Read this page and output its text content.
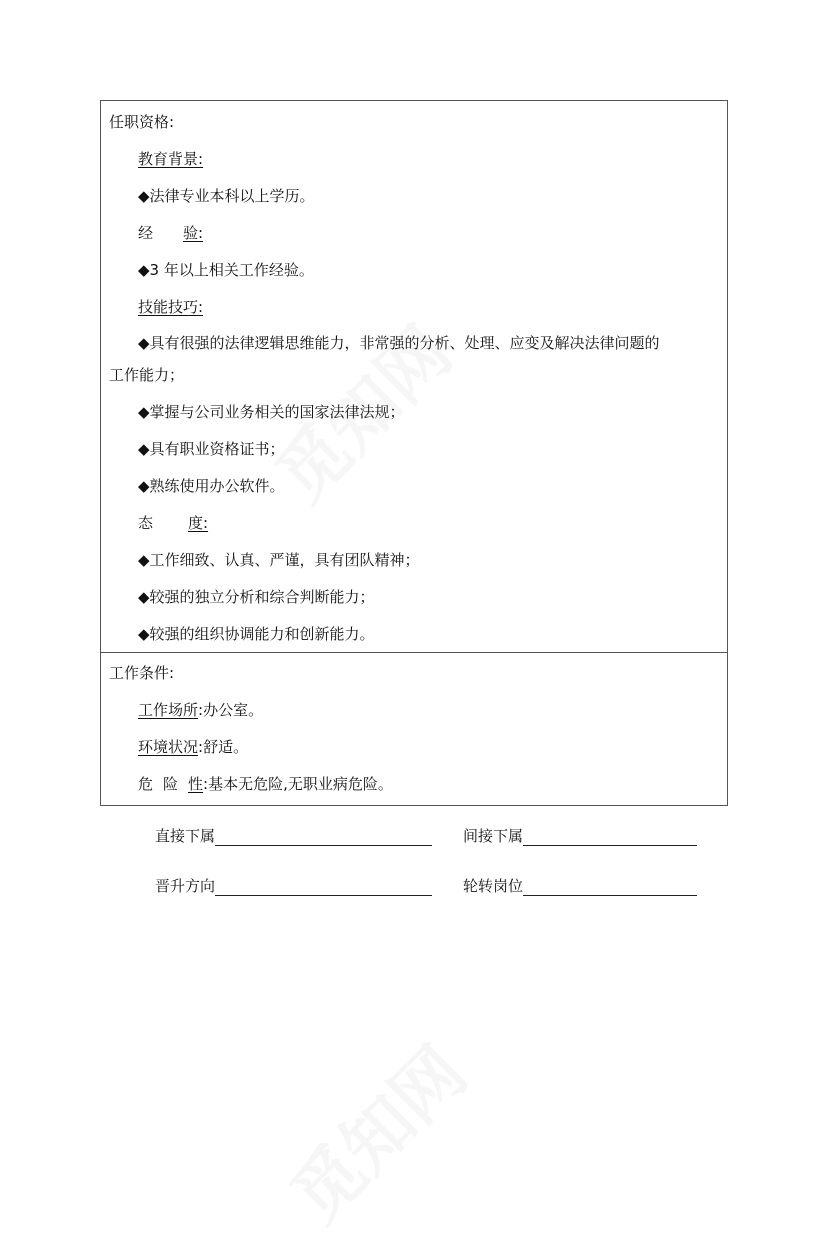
任职资格:
教育背景:
◆法律专业本科以上学历。
经 验:
◆3 年以上相关工作经验。
技能技巧:
◆具有很强的法律逻辑思维能力，非常强的分析、处理、应变及解决法律问题的
工作能力；
◆掌握与公司业务相关的国家法律法规；
◆具有职业资格证书；
◆熟练使用办公软件。
态 度:
◆工作细致、认真、严谨，具有团队精神；
◆较强的独立分析和综合判断能力；
◆较强的组织协调能力和创新能力。
工作条件:
工作场所:办公室。
环境状况:舒适。
危 险 性:基本无危险,无职业病危险。
直接下属	间接下属
晋升方向	轮转岗位
